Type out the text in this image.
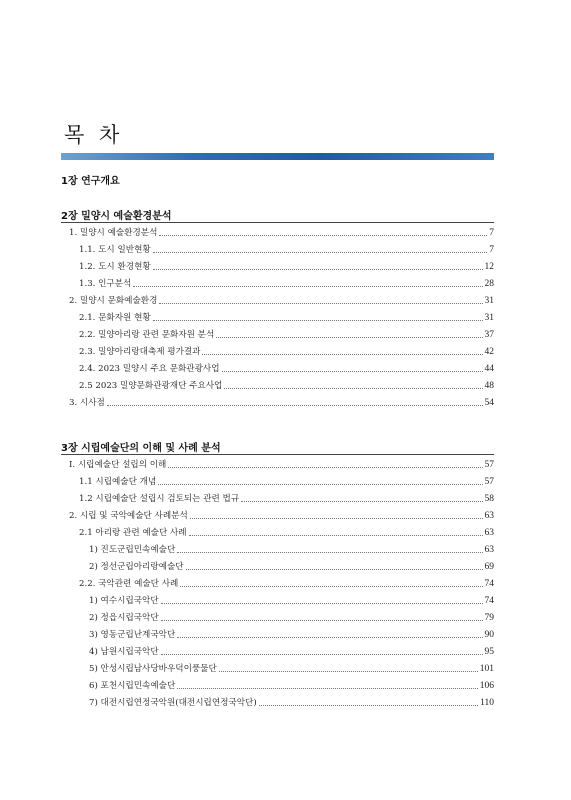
목 차
1장 연구개요
2장 밀양시 예술환경분석
1. 밀양시 예술환경분석	7
1.1. 도시 일반현황	7
1.2. 도시 환경현황	12
1.3. 인구분석	28
2. 밀양시 문화예술환경	31
2.1. 문화자원 현황	31
2.2. 밀양아리랑 관련 문화자원 분석	37
2.3. 밀양아리랑대축제 평가결과	42
2.4. 2023 밀양시 주요 문화관광사업	44
2.5 2023 밀양문화관광재단 주요사업	48
3. 시사점	54
3장 시립예술단의 이해 및 사례 분석
I. 시립예술단 설립의 이해	57
1.1 시립예술단 개념	57
1.2 시립예술단 설립시 검토되는 관련 법규	58
2. 시립 및 국악예술단 사례분석	63
2.1 아리랑 관련 예술단 사례	63
1) 진도군립민속예술단	63
2) 정선군립아리랑예술단	69
2.2. 국악관련 예술단 사례	74
1) 여수시립국악단	74
2) 정읍시립국악단	79
3) 영동군립난계국악단	90
4) 남원시립국악단	95
5) 안성시립남사당바우덕이풍물단	101
6) 포천시립민속예술단	106
7) 대전시립연정국악원(대전시립연정국악단)	110
